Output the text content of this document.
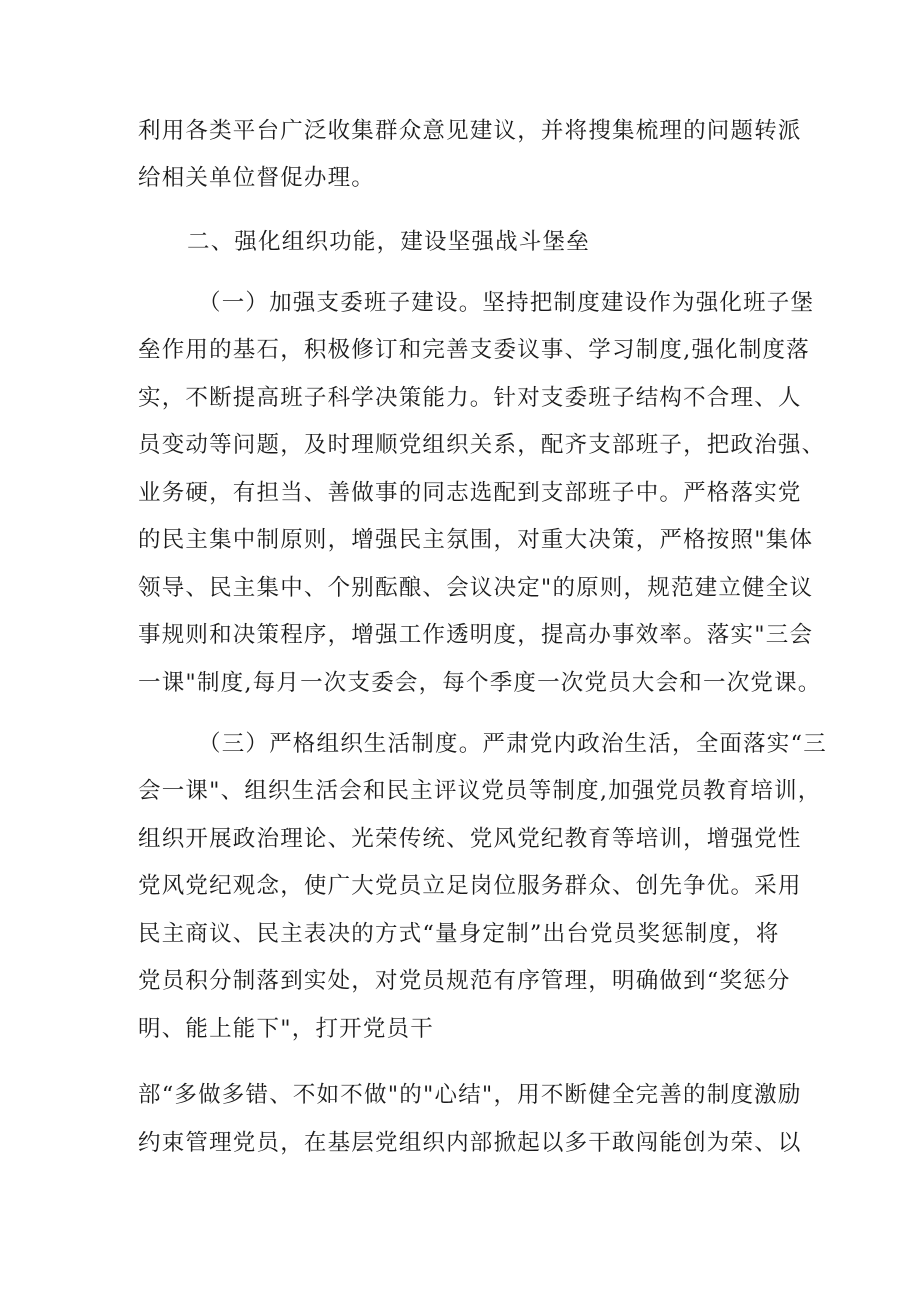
利用各类平台广泛收集群众意见建议，并将搜集梳理的问题转派
给相关单位督促办理。
二、强化组织功能，建设坚强战斗堡垒
（一）加强支委班子建设。坚持把制度建设作为强化班子堡
垒作用的基石，积极修订和完善支委议事、学习制度,强化制度落
实，不断提高班子科学决策能力。针对支委班子结构不合理、人
员变动等问题，及时理顺党组织关系，配齐支部班子，把政治强、
业务硬，有担当、善做事的同志选配到支部班子中。严格落实党
的民主集中制原则，增强民主氛围，对重大决策，严格按照"集体
领导、民主集中、个别酝酿、会议决定"的原则，规范建立健全议
事规则和决策程序，增强工作透明度，提高办事效率。落实"三会
一课"制度,每月一次支委会，每个季度一次党员大会和一次党课。
（三）严格组织生活制度。严肃党内政治生活，全面落实“三
会一课"、组织生活会和民主评议党员等制度,加强党员教育培训，
组织开展政治理论、光荣传统、党风党纪教育等培训，增强党性
党风党纪观念，使广大党员立足岗位服务群众、创先争优。采用
民主商议、民主表决的方式“量身定制”出台党员奖惩制度，将
党员积分制落到实处，对党员规范有序管理，明确做到“奖惩分
明、能上能下"，打开党员干
部“多做多错、不如不做"的"心结"，用不断健全完善的制度激励
约束管理党员，在基层党组织内部掀起以多干敢闯能创为荣、以
